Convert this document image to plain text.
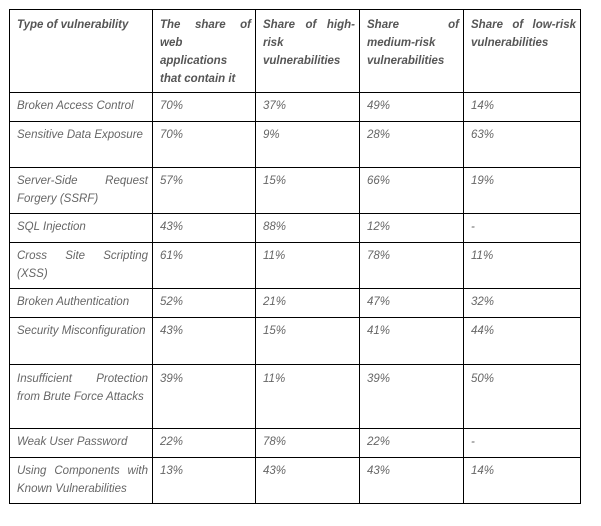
Type of vulnerability	The share of web applications that contain it	Share of high-risk vulnerabilities	Share of medium-risk vulnerabilities	Share of low-risk vulnerabilities
Broken Access Control	70%	37%	49%	14%
Sensitive Data Exposure	70%	9%	28%	63%
Server-Side Request Forgery (SSRF)	57%	15%	66%	19%
SQL Injection	43%	88%	12%	-
Cross Site Scripting (XSS)	61%	11%	78%	11%
Broken Authentication	52%	21%	47%	32%
Security Misconfiguration	43%	15%	41%	44%
Insufficient Protection from Brute Force Attacks	39%	11%	39%	50%
Weak User Password	22%	78%	22%	-
Using Components with Known Vulnerabilities	13%	43%	43%	14%
